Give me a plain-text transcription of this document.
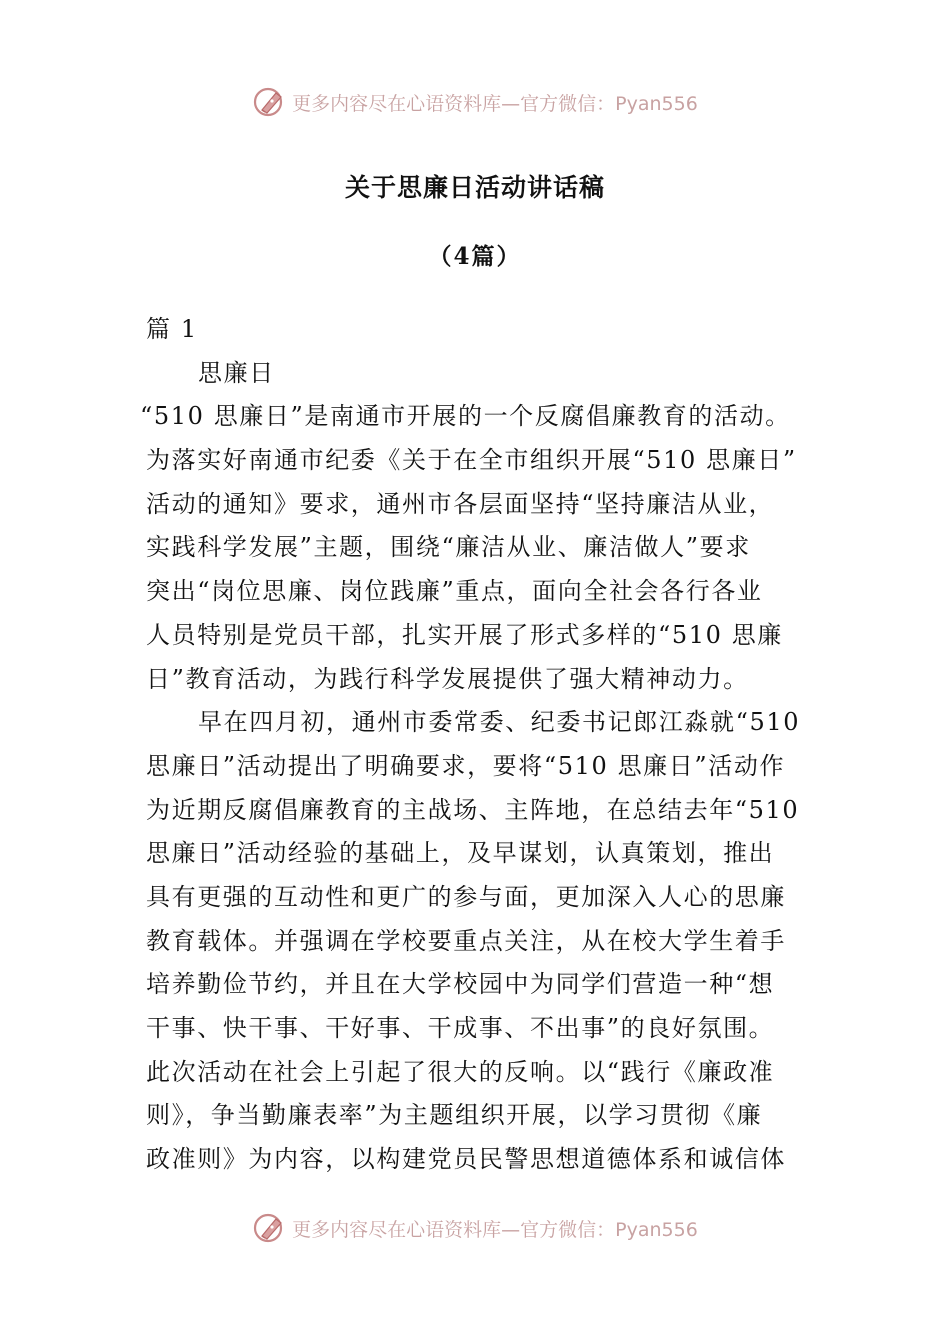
更多内容尽在心语资料库—官方微信：Pyan556
关于思廉日活动讲话稿
（4篇）
篇 1
思廉日
“510 思廉日”是南通市开展的一个反腐倡廉教育的活动。
为落实好南通市纪委《关于在全市组织开展“510 思廉日”
活动的通知》要求，通州市各层面坚持“坚持廉洁从业，
实践科学发展”主题，围绕“廉洁从业、廉洁做人”要求
突出“岗位思廉、岗位践廉”重点，面向全社会各行各业
人员特别是党员干部，扎实开展了形式多样的“510 思廉
日”教育活动，为践行科学发展提供了强大精神动力。
早在四月初，通州市委常委、纪委书记郎江淼就“510
思廉日”活动提出了明确要求，要将“510 思廉日”活动作
为近期反腐倡廉教育的主战场、主阵地，在总结去年“510
思廉日”活动经验的基础上，及早谋划，认真策划，推出
具有更强的互动性和更广的参与面，更加深入人心的思廉
教育载体。并强调在学校要重点关注，从在校大学生着手
培养勤俭节约，并且在大学校园中为同学们营造一种“想
干事、快干事、干好事、干成事、不出事”的良好氛围。
此次活动在社会上引起了很大的反响。以“践行《廉政准
则》，争当勤廉表率”为主题组织开展，以学习贯彻《廉
政准则》为内容，以构建党员民警思想道德体系和诚信体
更多内容尽在心语资料库—官方微信：Pyan556
